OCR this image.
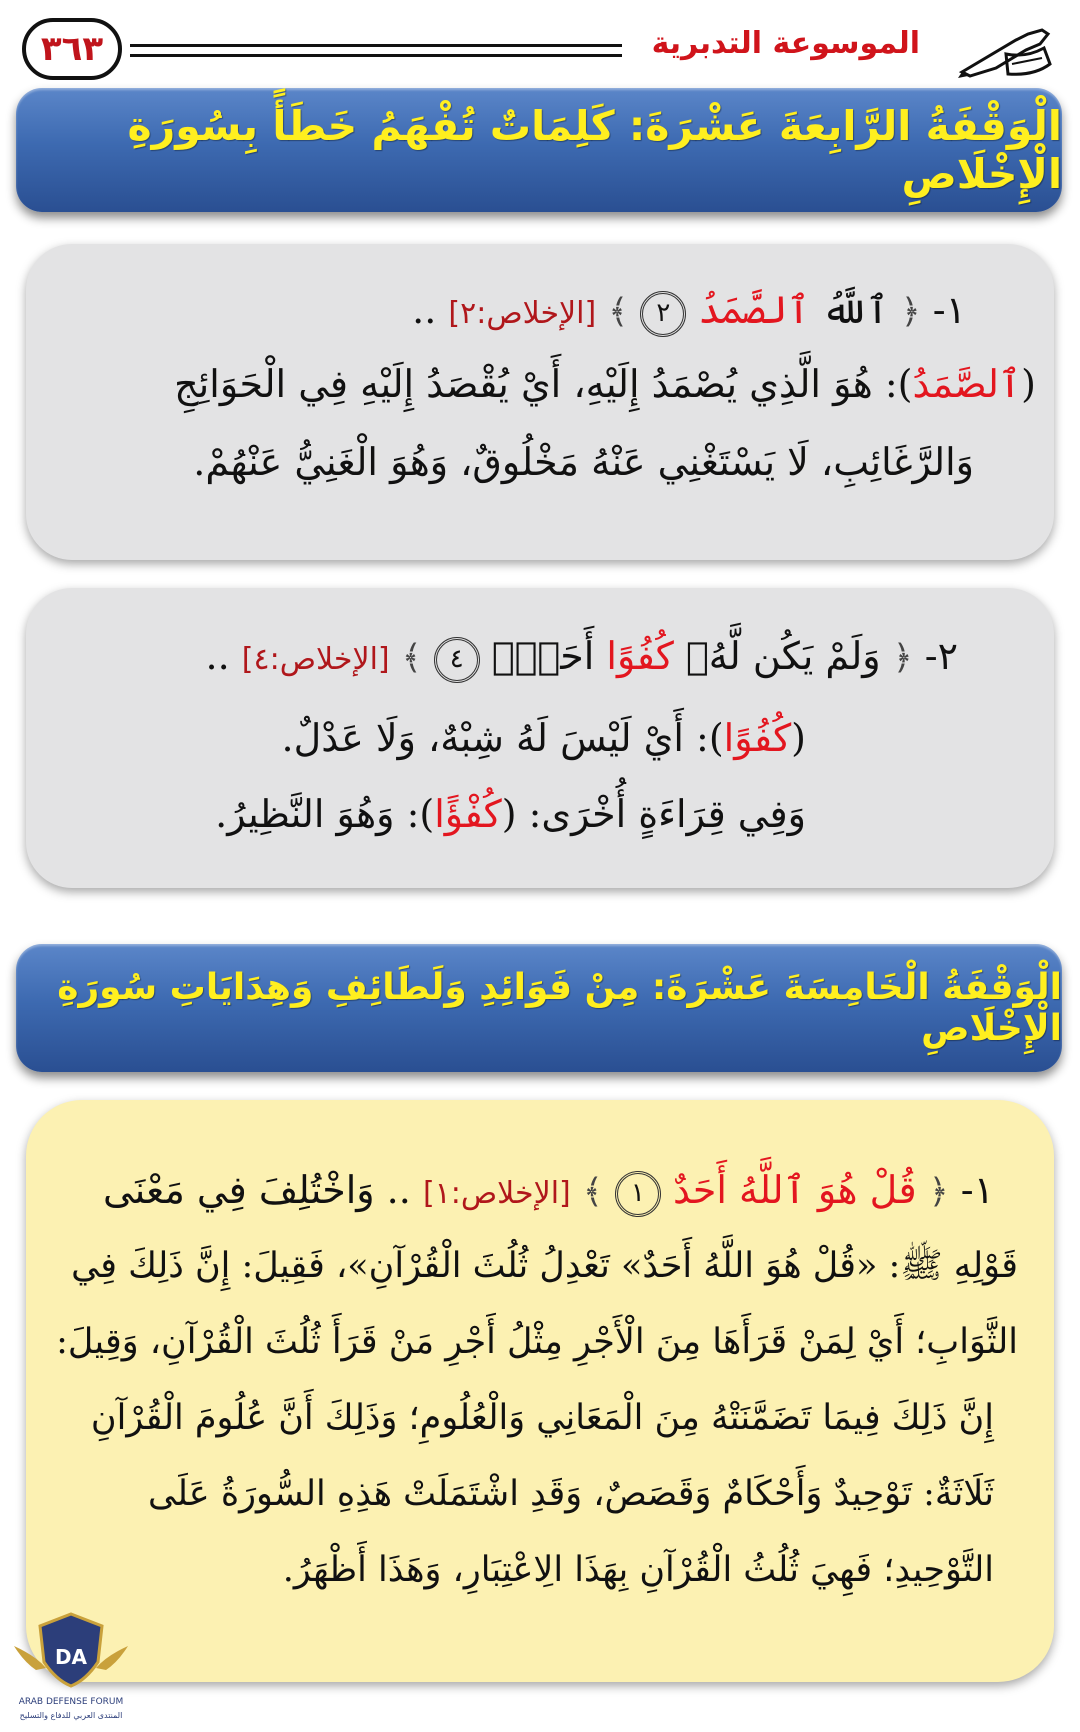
٣٦٣	الموسوعة التدبرية
الْوَقْفَةُ الرَّابِعَةَ عَشْرَةَ: كَلِمَاتٌ تُفْهَمُ خَطَأً بِسُورَةِ الْإِخْلَاصِ
١- ﴿ ٱللَّهُ ٱلصَّمَدُ ٢ ﴾ [الإخلاص:٢] ..
(ٱلصَّمَدُ): هُوَ الَّذِي يُصْمَدُ إِلَيْهِ، أَيْ يُقْصَدُ إِلَيْهِ فِي الْحَوَائِجِ
وَالرَّغَائِبِ، لَا يَسْتَغْنِي عَنْهُ مَخْلُوقٌ، وَهُوَ الْغَنِيُّ عَنْهُمْ.
٢- ﴿ وَلَمْ يَكُن لَّهُۥ كُفُوًا أَحَدٌۢ ٤ ﴾ [الإخلاص:٤] ..
(كُفُوًا): أَيْ لَيْسَ لَهُ شِبْهٌ، وَلَا عَدْلٌ.
وَفِي قِرَاءَةٍ أُخْرَى: (كُفْؤًا): وَهُوَ النَّظِيرُ.
الْوَقْفَةُ الْخَامِسَةَ عَشْرَةَ: مِنْ فَوَائِدِ وَلَطَائِفِ وَهِدَايَاتِ سُورَةِ الْإِخْلَاصِ
١- ﴿ قُلْ هُوَ ٱللَّهُ أَحَدٌ ١ ﴾ [الإخلاص:١] .. وَاخْتُلِفَ فِي مَعْنَى
قَوْلِهِ ﷺ: «قُلْ هُوَ اللَّهُ أَحَدٌ» تَعْدِلُ ثُلُثَ الْقُرْآنِ»، فَقِيلَ: إِنَّ ذَلِكَ فِي
الثَّوَابِ؛ أَيْ لِمَنْ قَرَأَهَا مِنَ الْأَجْرِ مِثْلُ أَجْرِ مَنْ قَرَأَ ثُلُثَ الْقُرْآنِ، وَقِيلَ:
إِنَّ ذَلِكَ فِيمَا تَضَمَّنَتْهُ مِنَ الْمَعَانِي وَالْعُلُومِ؛ وَذَلِكَ أَنَّ عُلُومَ الْقُرْآنِ
ثَلَاثَةٌ: تَوْحِيدٌ وَأَحْكَامٌ وَقَصَصٌ، وَقَدِ اشْتَمَلَتْ هَذِهِ السُّورَةُ عَلَى
التَّوْحِيدِ؛ فَهِيَ ثُلُثُ الْقُرْآنِ بِهَذَا الِاعْتِبَارِ، وَهَذَا أَظْهَرُ.
DA
ARAB DEFENSE FORUM
المنتدى العربي للدفاع والتسليح
